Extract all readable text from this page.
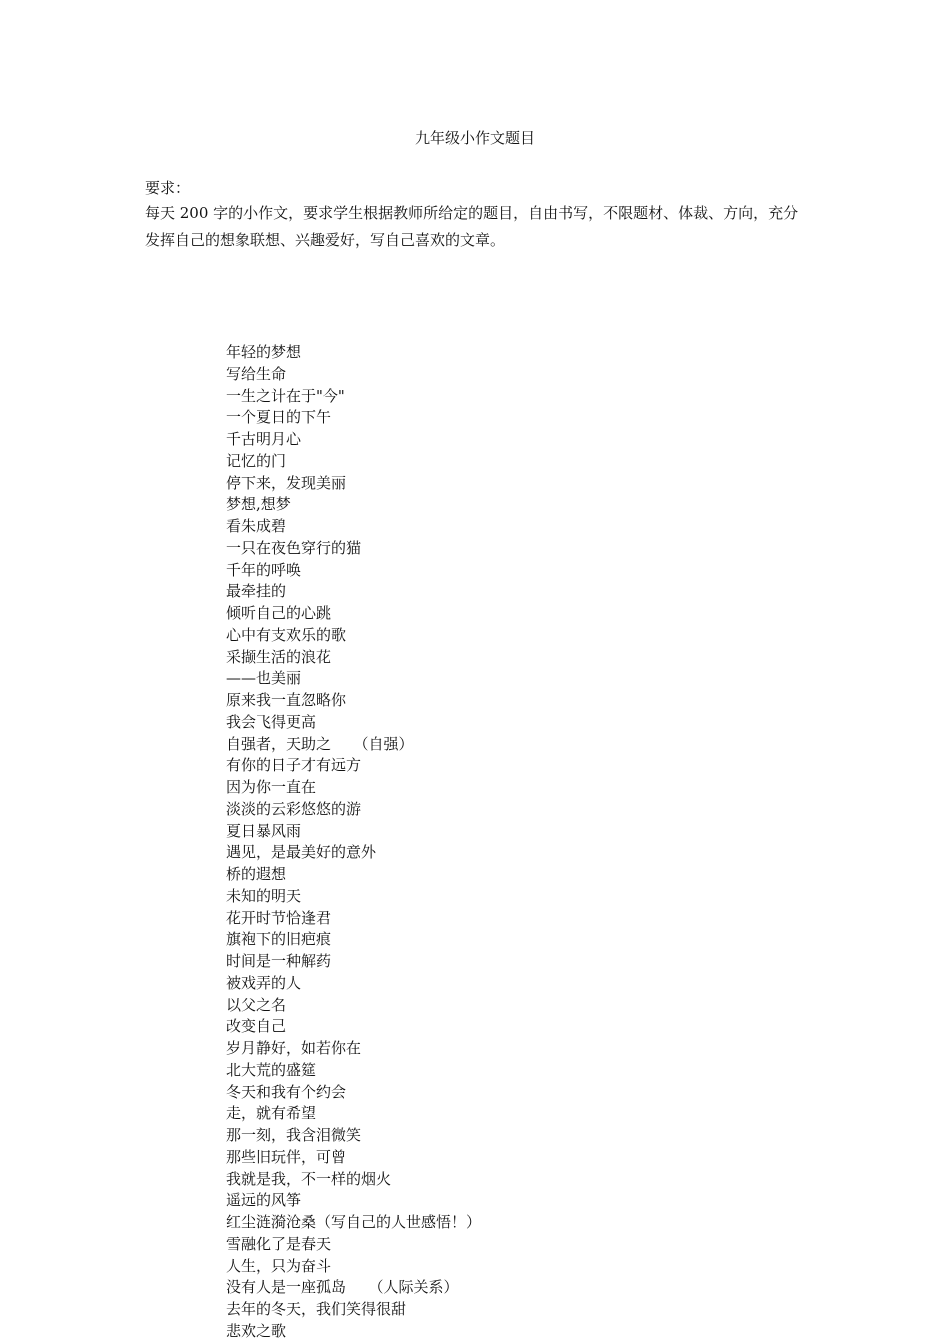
九年级小作文题目
要求：
每天 200 字的小作文，要求学生根据教师所给定的题目，自由书写，不限题材、体裁、方向，充分发挥自己的想象联想、兴趣爱好，写自己喜欢的文章。
年轻的梦想
写给生命
一生之计在于"今"
一个夏日的下午
千古明月心
记忆的门
停下来，发现美丽
梦想,想梦
看朱成碧
一只在夜色穿行的猫
千年的呼唤
最牵挂的
倾听自己的心跳
心中有支欢乐的歌
采撷生活的浪花
——也美丽
原来我一直忽略你
我会飞得更高
自强者，天助之　　（自强）
有你的日子才有远方
因为你一直在
淡淡的云彩悠悠的游
夏日暴风雨
遇见，是最美好的意外
桥的遐想
未知的明天
花开时节恰逢君
旗袍下的旧疤痕
时间是一种解药
被戏弄的人
以父之名
改变自己
岁月静好，如若你在
北大荒的盛筵
冬天和我有个约会
走，就有希望
那一刻，我含泪微笑
那些旧玩伴，可曾
我就是我，不一样的烟火
遥远的风筝
红尘涟漪沧桑（写自己的人世感悟！）
雪融化了是春天
人生，只为奋斗
没有人是一座孤岛　　（人际关系）
去年的冬天，我们笑得很甜
悲欢之歌
